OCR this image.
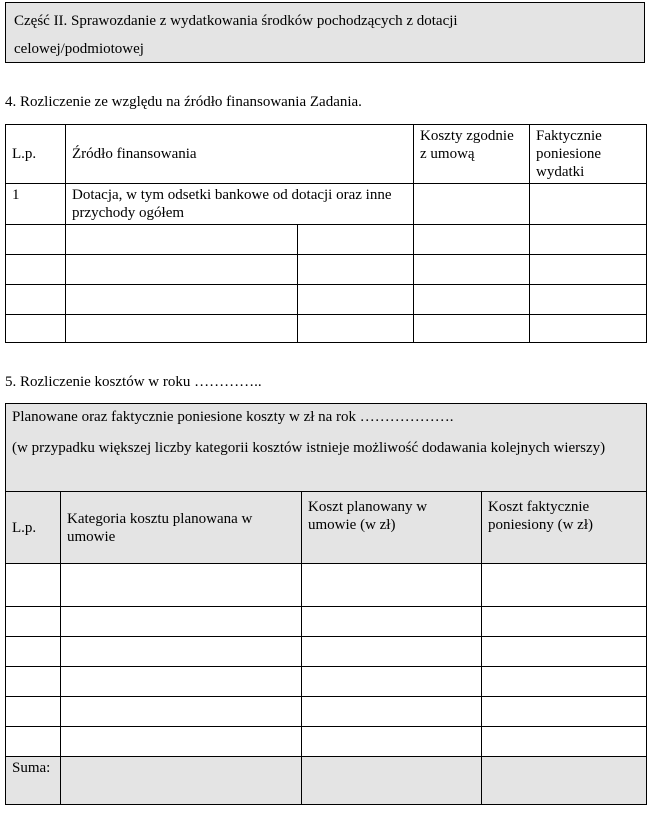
Część II. Sprawozdanie z wydatkowania środków pochodzących z dotacji
celowej/podmiotowej
4. Rozliczenie ze względu na źródło finansowania Zadania.
L.p.	Źródło finansowania		Koszty zgodnie z umową	Faktycznie poniesione wydatki
1	Dotacja, w tym odsetki bankowe od dotacji oraz inne przychody ogółem			

5. Rozliczenie kosztów w roku …………..
Planowane oraz faktycznie poniesione koszty w zł na rok ……………….			
(w przypadku większej liczby kategorii kosztów istnieje możliwość dodawania kolejnych wierszy)			
L.p.	Kategoria kosztu planowana w umowie	Koszt planowany w umowie (w zł)	Koszt faktycznie poniesiony (w zł)

Suma:			
